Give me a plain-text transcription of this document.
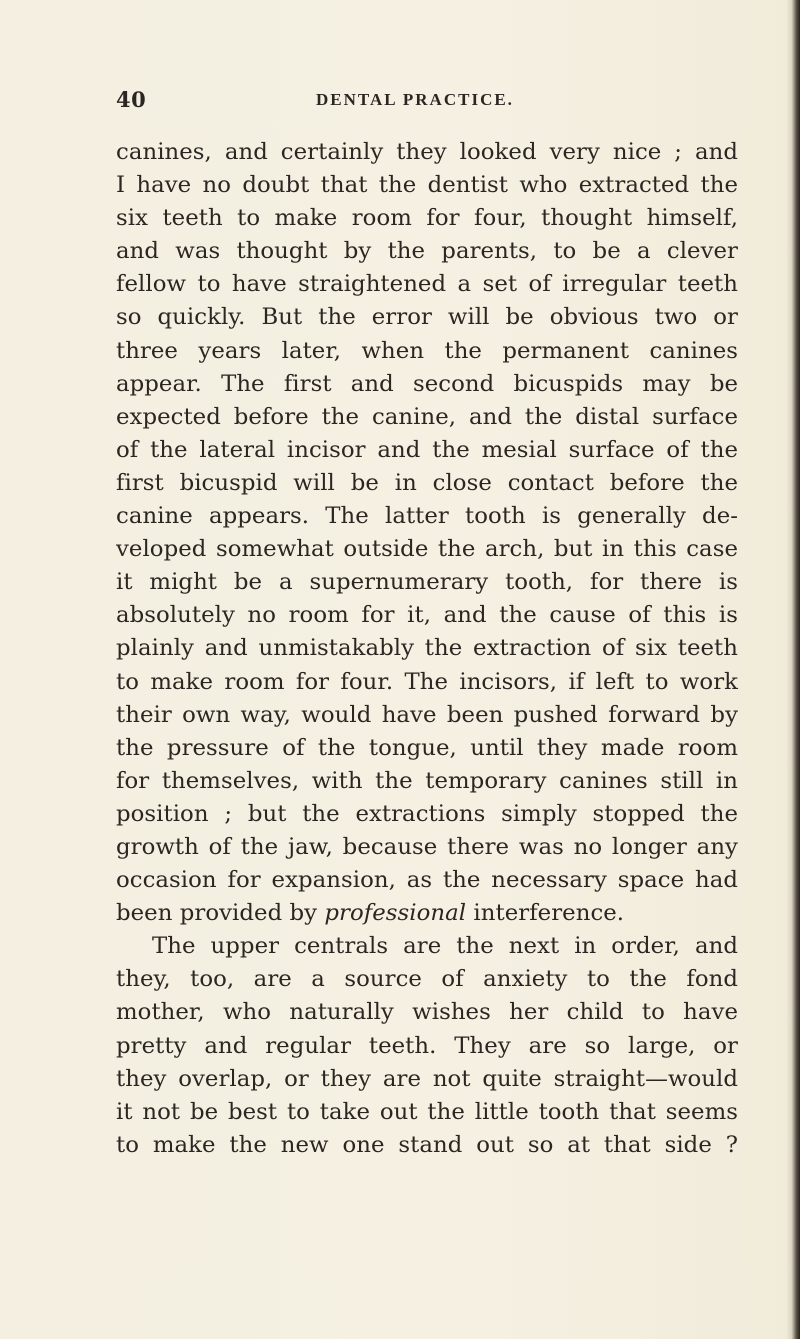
40	DENTAL PRACTICE.
canines, and certainly they looked very nice ; and
I have no doubt that the dentist who extracted the
six teeth to make room for four, thought himself,
and was thought by the parents, to be a clever
fellow to have straightened a set of irregular teeth
so quickly. But the error will be obvious two or
three years later, when the permanent canines
appear. The first and second bicuspids may be
expected before the canine, and the distal surface
of the lateral incisor and the mesial surface of the
first bicuspid will be in close contact before the
canine appears. The latter tooth is generally de-
veloped somewhat outside the arch, but in this case
it might be a supernumerary tooth, for there is
absolutely no room for it, and the cause of this is
plainly and unmistakably the extraction of six teeth
to make room for four. The incisors, if left to work
their own way, would have been pushed forward by
the pressure of the tongue, until they made room
for themselves, with the temporary canines still in
position ; but the extractions simply stopped the
growth of the jaw, because there was no longer any
occasion for expansion, as the necessary space had
been provided by professional interference.
The upper centrals are the next in order, and
they, too, are a source of anxiety to the fond
mother, who naturally wishes her child to have
pretty and regular teeth. They are so large, or
they overlap, or they are not quite straight—would
it not be best to take out the little tooth that seems
to make the new one stand out so at that side ?
